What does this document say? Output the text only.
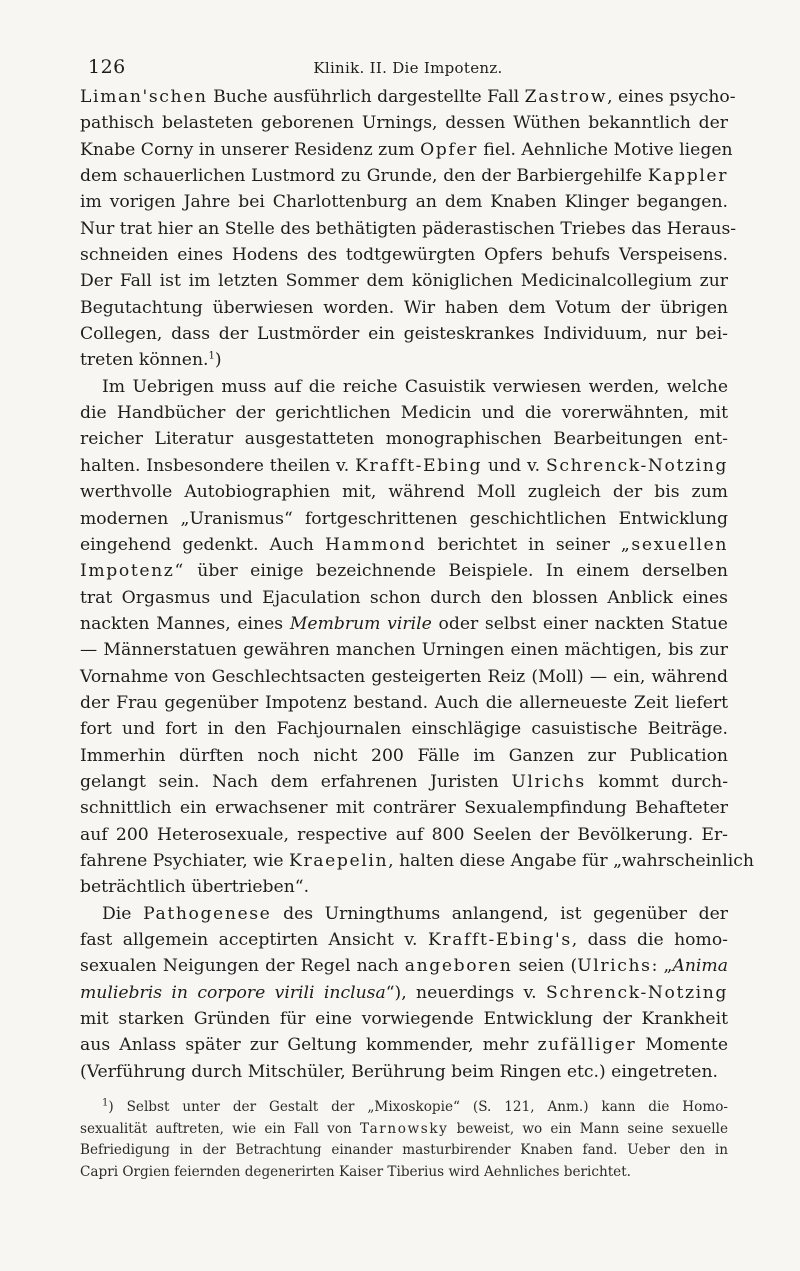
126	Klinik. II. Die Impotenz.
Liman'schen Buche ausführlich dargestellte Fall Zastrow, eines psycho-
pathisch belasteten geborenen Urnings, dessen Wüthen bekanntlich der
Knabe Corny in unserer Residenz zum Opfer fiel. Aehnliche Motive liegen
dem schauerlichen Lustmord zu Grunde, den der Barbiergehilfe Kappler
im vorigen Jahre bei Charlottenburg an dem Knaben Klinger begangen.
Nur trat hier an Stelle des bethätigten päderastischen Triebes das Heraus-
schneiden eines Hodens des todtgewürgten Opfers behufs Verspeisens.
Der Fall ist im letzten Sommer dem königlichen Medicinalcollegium zur
Begutachtung überwiesen worden. Wir haben dem Votum der übrigen
Collegen, dass der Lustmörder ein geisteskrankes Individuum, nur bei-
treten können.$^1$)
Im Uebrigen muss auf die reiche Casuistik verwiesen werden, welche
die Handbücher der gerichtlichen Medicin und die vorerwähnten, mit
reicher Literatur ausgestatteten monographischen Bearbeitungen ent-
halten. Insbesondere theilen v. Krafft-Ebing und v. Schrenck-Notzing
werthvolle Autobiographien mit, während Moll zugleich der bis zum
modernen „Uranismus“ fortgeschrittenen geschichtlichen Entwicklung
eingehend gedenkt. Auch Hammond berichtet in seiner „sexuellen
Impotenz“ über einige bezeichnende Beispiele. In einem derselben
trat Orgasmus und Ejaculation schon durch den blossen Anblick eines
nackten Mannes, eines Membrum virile oder selbst einer nackten Statue
— Männerstatuen gewähren manchen Urningen einen mächtigen, bis zur
Vornahme von Geschlechtsacten gesteigerten Reiz (Moll) — ein, während
der Frau gegenüber Impotenz bestand. Auch die allerneueste Zeit liefert
fort und fort in den Fachjournalen einschlägige casuistische Beiträge.
Immerhin dürften noch nicht 200 Fälle im Ganzen zur Publication
gelangt sein. Nach dem erfahrenen Juristen Ulrichs kommt durch-
schnittlich ein erwachsener mit conträrer Sexualempfindung Behafteter
auf 200 Heterosexuale, respective auf 800 Seelen der Bevölkerung. Er-
fahrene Psychiater, wie Kraepelin, halten diese Angabe für „wahrscheinlich
beträchtlich übertrieben“.
Die Pathogenese des Urningthums anlangend, ist gegenüber der
fast allgemein acceptirten Ansicht v. Krafft-Ebing's, dass die homo-
sexualen Neigungen der Regel nach angeboren seien (Ulrichs: „Anima
muliebris in corpore virili inclusa“), neuerdings v. Schrenck-Notzing
mit starken Gründen für eine vorwiegende Entwicklung der Krankheit
aus Anlass später zur Geltung kommender, mehr zufälliger Momente
(Verführung durch Mitschüler, Berührung beim Ringen etc.) eingetreten.
$^1$) Selbst unter der Gestalt der „Mixoskopie“ (S. 121, Anm.) kann die Homo-
sexualität auftreten, wie ein Fall von Tarnowsky beweist, wo ein Mann seine sexuelle
Befriedigung in der Betrachtung einander masturbirender Knaben fand. Ueber den in
Capri Orgien feiernden degenerirten Kaiser Tiberius wird Aehnliches berichtet.
